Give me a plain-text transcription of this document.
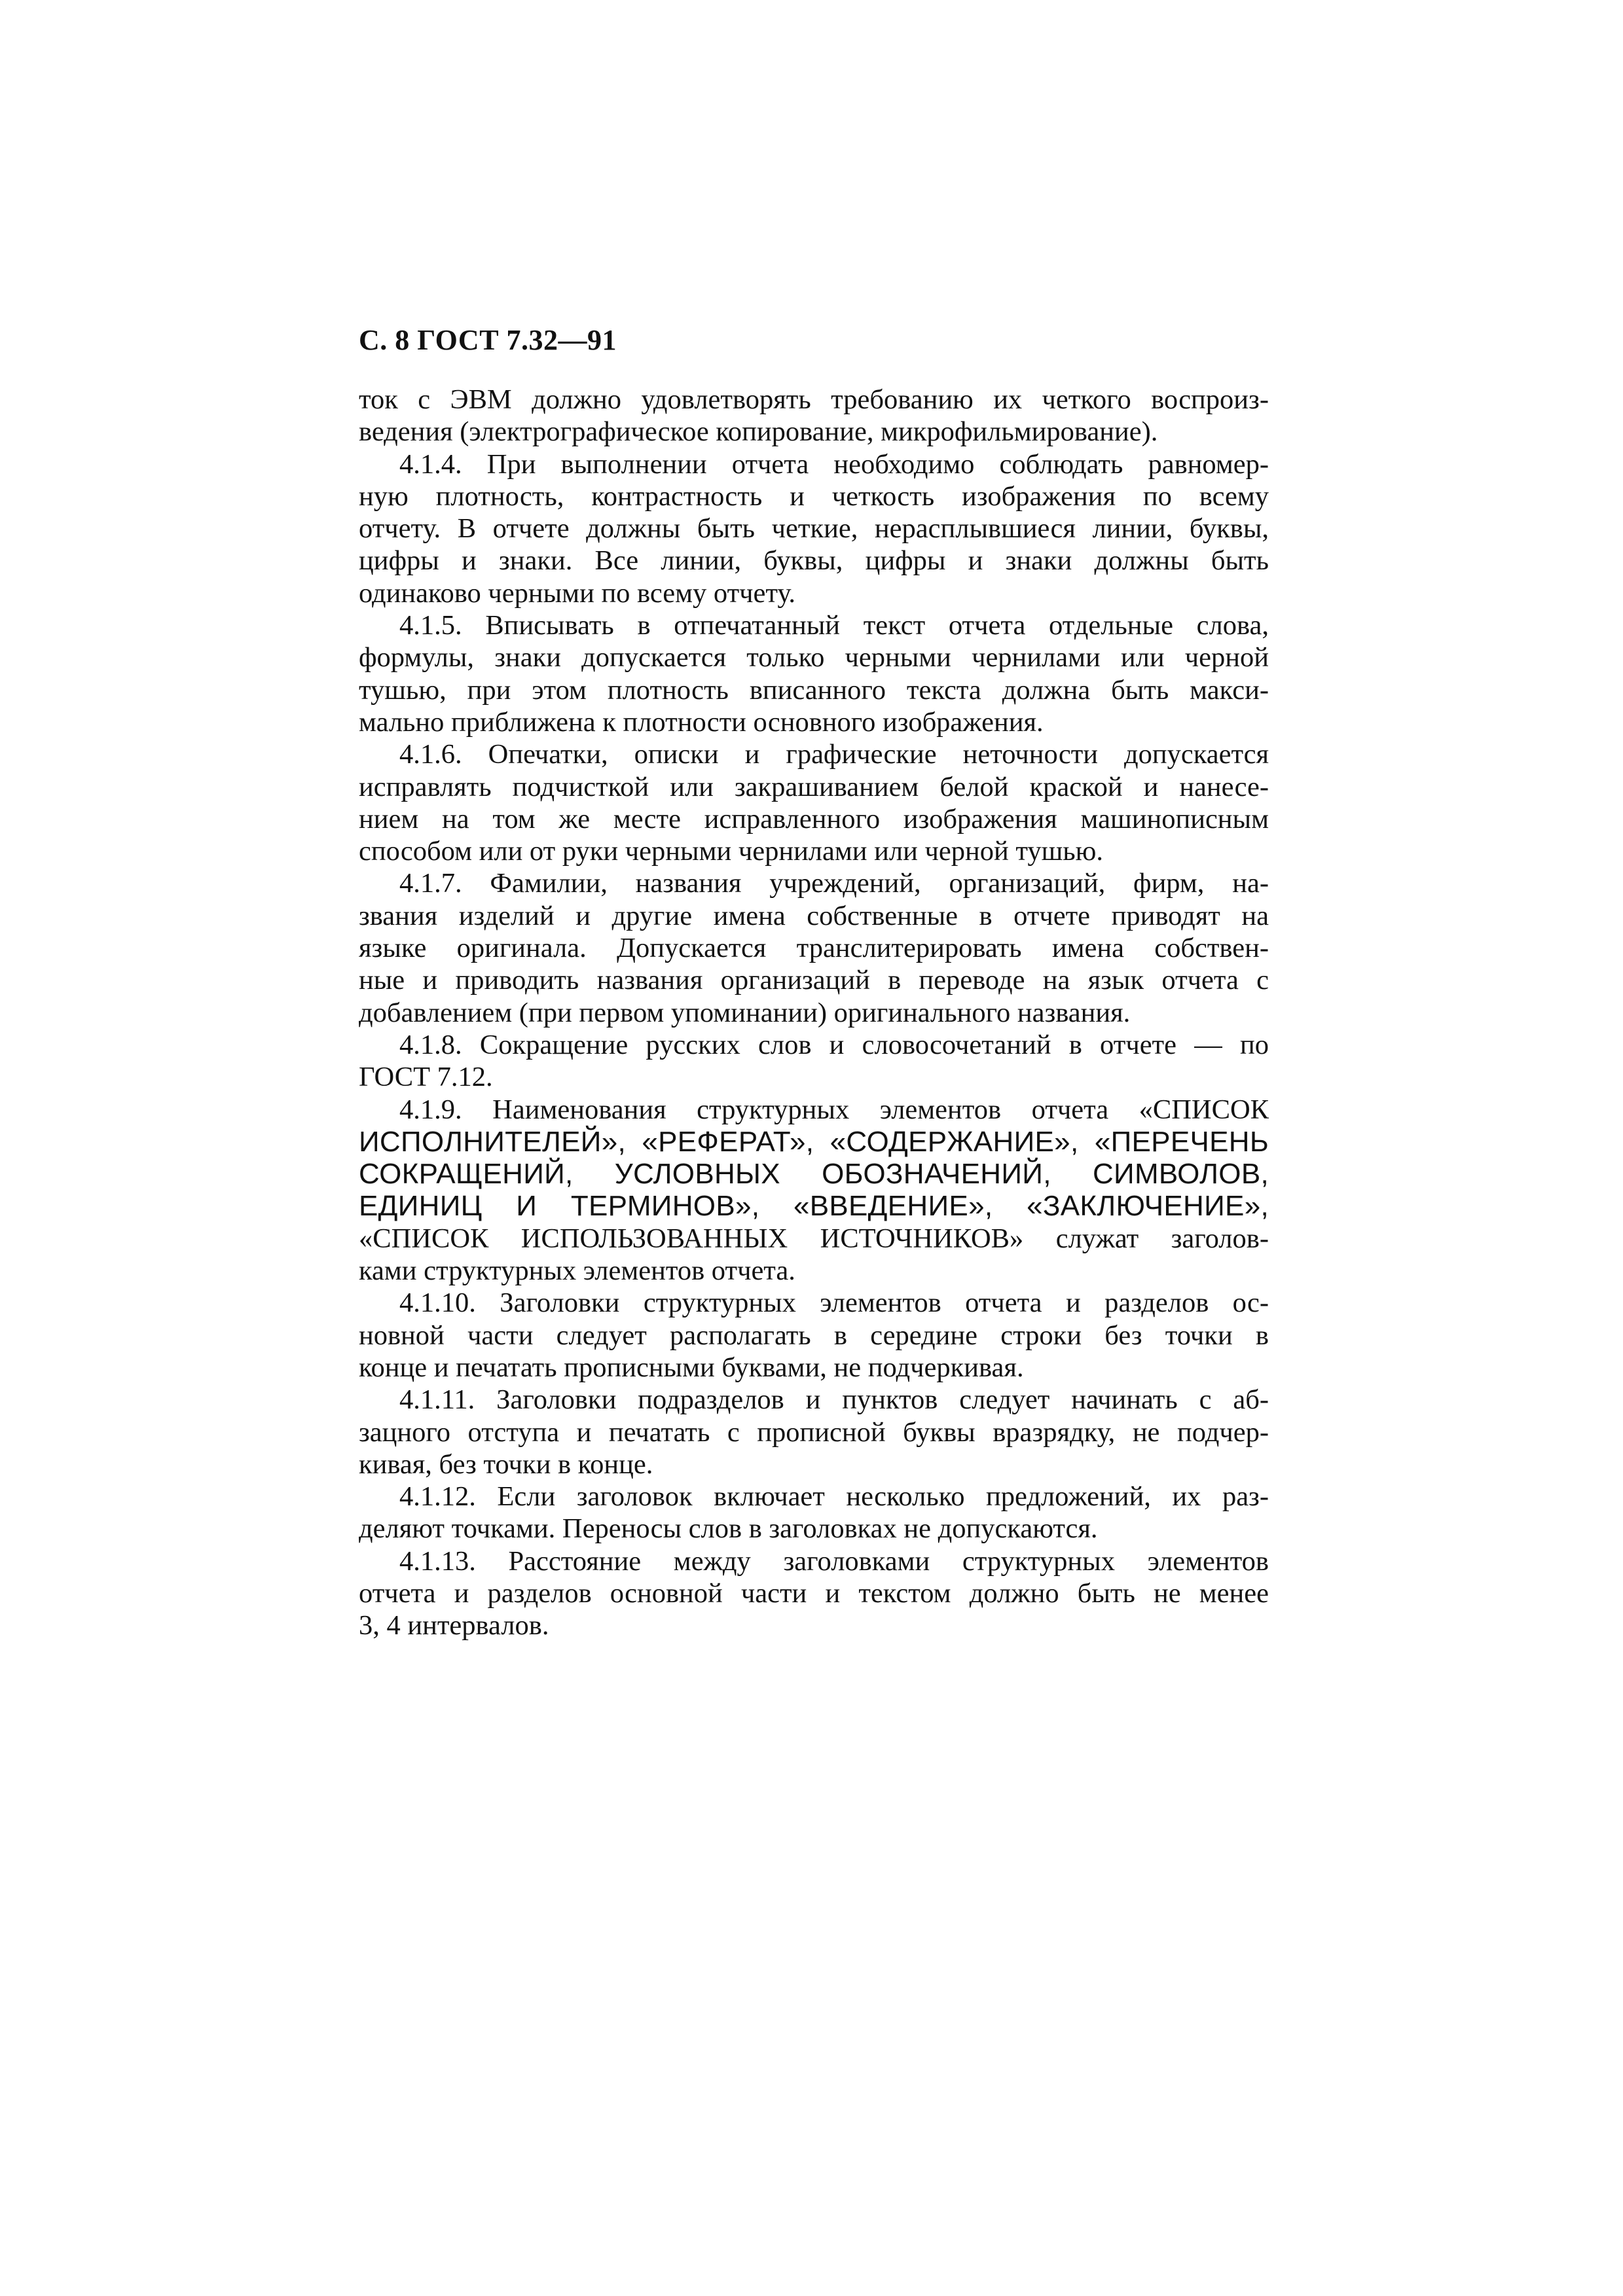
С. 8 ГОСТ 7.32—91
ток с ЭВМ должно удовлетворять требованию их четкого воспроиз-
ведения (электрографическое копирование, микрофильмирование).
4.1.4. При выполнении отчета необходимо соблюдать равномер-
ную плотность, контрастность и четкость изображения по всему
отчету. В отчете должны быть четкие, нерасплывшиеся линии, буквы,
цифры и знаки. Все линии, буквы, цифры и знаки должны быть
одинаково черными по всему отчету.
4.1.5. Вписывать в отпечатанный текст отчета отдельные слова,
формулы, знаки допускается только черными чернилами или черной
тушью, при этом плотность вписанного текста должна быть макси-
мально приближена к плотности основного изображения.
4.1.6. Опечатки, описки и графические неточности допускается
исправлять подчисткой или закрашиванием белой краской и нанесе-
нием на том же месте исправленного изображения машинописным
способом или от руки черными чернилами или черной тушью.
4.1.7. Фамилии, названия учреждений, организаций, фирм, на-
звания изделий и другие имена собственные в отчете приводят на
языке оригинала. Допускается транслитерировать имена собствен-
ные и приводить названия организаций в переводе на язык отчета с
добавлением (при первом упоминании) оригинального названия.
4.1.8. Сокращение русских слов и словосочетаний в отчете — по
ГОСТ 7.12.
4.1.9. Наименования структурных элементов отчета «СПИСОК
ИСПОЛНИТЕЛЕЙ», «РЕФЕРАТ», «СОДЕРЖАНИЕ», «ПЕРЕЧЕНЬ
СОКРАЩЕНИЙ, УСЛОВНЫХ ОБОЗНАЧЕНИЙ, СИМВОЛОВ,
ЕДИНИЦ И ТЕРМИНОВ», «ВВЕДЕНИЕ», «ЗАКЛЮЧЕНИЕ»,
«СПИСОК ИСПОЛЬЗОВАННЫХ ИСТОЧНИКОВ» служат заголов-
ками структурных элементов отчета.
4.1.10. Заголовки структурных элементов отчета и разделов ос-
новной части следует располагать в середине строки без точки в
конце и печатать прописными буквами, не подчеркивая.
4.1.11. Заголовки подразделов и пунктов следует начинать с аб-
зацного отступа и печатать с прописной буквы вразрядку, не подчер-
кивая, без точки в конце.
4.1.12. Если заголовок включает несколько предложений, их раз-
деляют точками. Переносы слов в заголовках не допускаются.
4.1.13. Расстояние между заголовками структурных элементов
отчета и разделов основной части и текстом должно быть не менее
3, 4 интервалов.
